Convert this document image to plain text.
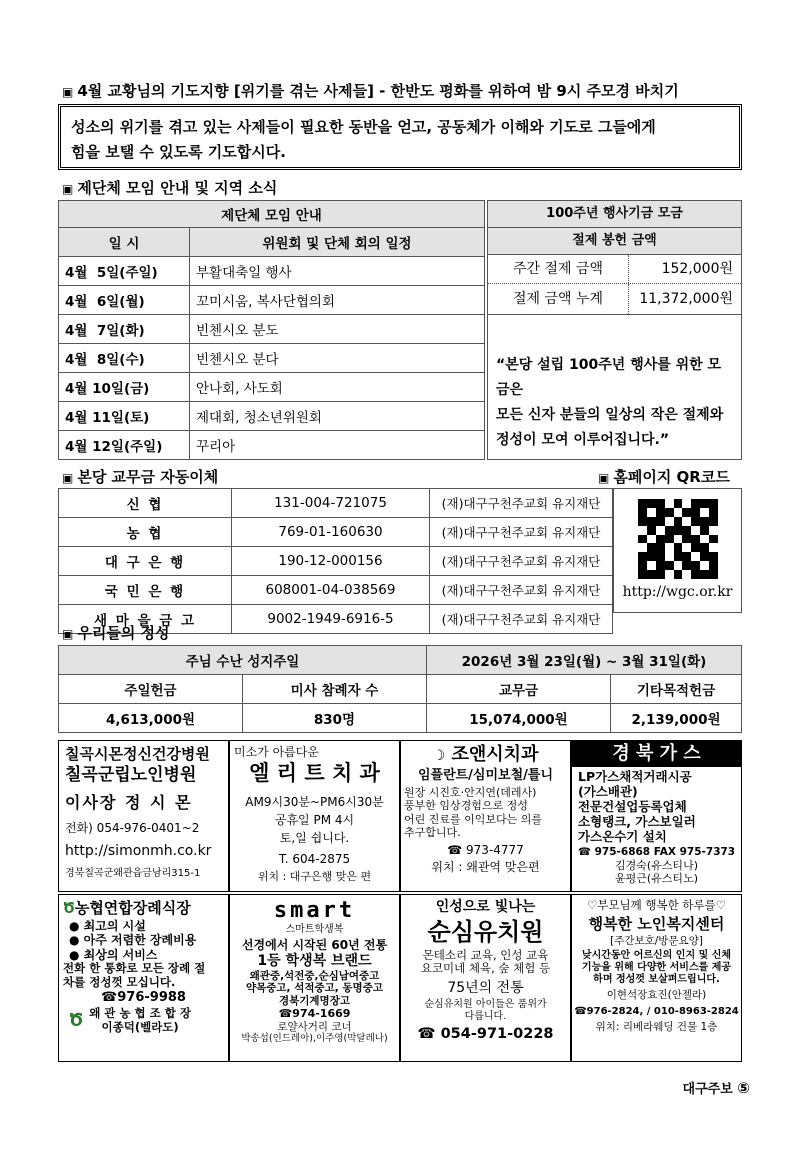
▣ 4월 교황님의 기도지향 [위기를 겪는 사제들] - 한반도 평화를 위하여 밤 9시 주모경 바치기
성소의 위기를 겪고 있는 사제들이 필요한 동반을 얻고, 공동체가 이해와 기도로 그들에게
힘을 보탤 수 있도록 기도합시다.
▣ 제단체 모임 안내 및 지역 소식
제단체 모임 안내	
일 시	위원회 및 단체 회의 일정
4월  5일(주일)	부활대축일 행사
4월  6일(월)	꼬미시움, 복사단협의회
4월  7일(화)	빈첸시오 분도
4월  8일(수)	빈첸시오 분다
4월 10일(금)	안나회, 사도회
4월 11일(토)	제대회, 청소년위원회
4월 12일(주일)	꾸리아
100주년 행사기금 모금
절제 봉헌 금액
주간 절제 금액	152,000원
절제 금액 누계	11,372,000원
“본당 설립 100주년 행사를 위한 모금은
모든 신자 분들의 일상의 작은 절제와
정성이 모여 이루어집니다.”
▣ 본당 교무금 자동이체	▣ 홈페이지 QR코드
신 협	131-004-721075	(재)대구구천주교회 유지재단
농 협	769-01-160630	(재)대구구천주교회 유지재단
대 구 은 행	190-12-000156	(재)대구구천주교회 유지재단
국 민 은 행	608001-04-038569	(재)대구구천주교회 유지재단
새 마 을 금 고	9002-1949-6916-5	(재)대구구천주교회 유지재단
http://wgc.or.kr
▣ 우리들의 정성
주님 수난 성지주일		2026년 3월 23일(월) ~ 3월 31일(화)	
주일헌금	미사 참례자 수	교무금	기타목적헌금
4,613,000원	830명	15,074,000원	2,139,000원
칠곡시몬정신건강병원
칠곡군립노인병원
이사장 정 시 몬
전화) 054-976-0401~2
http://simonmh.co.kr
경북칠곡군왜관읍금남리315-1
미소가 아름다운
엘 리 트 치 과
AM9시30분~PM6시30분
공휴일 PM 4시
토,일 쉽니다.
T. 604-2875
위치 : 대구은행 맞은 편
☽ 조앤시치과
임플란트/심미보철/틀니
원장 시진호·안지연(데레사)
풍부한 임상경험으로 정성
어린 진료를 이익보다는 의를
추구합니다.
☎ 973-4777
위치 : 왜관역 맞은편
경 북 가 스
LP가스채적거래시공
(가스배관)
전문건설업등록업체
소형탱크, 가스보일러
가스온수기 설치
☎ 975-6868 FAX 975-7373
김경숙(유스티나)
윤평근(유스티노)
Ծ농협연합장례식장
● 최고의 시설
● 아주 저렴한 장례비용
● 최상의 서비스
전화 한 통화로 모든 장례 절
차를 정성껏 모십니다.
☎976-9988
Ծ 왜 관 농 협 조 합 장
이종덕(벨라도)
smart
스마트학생복
선경에서 시작된 60년 전통
1등 학생복 브랜드
왜관중,석전중,순심남여중고
약목중고, 석적중고, 동명중고
경북기계명장고
☎974-1669
로얄사거리 코너
박송섭(인드레아),이주영(막달레나)
인성으로 빛나는
순심유치원
몬테소리 교육, 인성 교육
요코미네 체육, 숲 체험 등
75년의 전통
순심유치원 아이들은 품위가
다릅니다.
☎ 054-971-0228
♡부모님께 행복한 하루를♡
행복한 노인복지센터
[주간보호/방문요양]
낮시간동안 어르신의 인지 및 신체
기능을 위해 다양한 서비스를 제공
하며 정성껏 보살펴드립니다.
이현석장효진(안젤라)
☎976-2824, / 010-8963-2824
위치: 리베라웨딩 건물 1층
대구주보 ⑤
